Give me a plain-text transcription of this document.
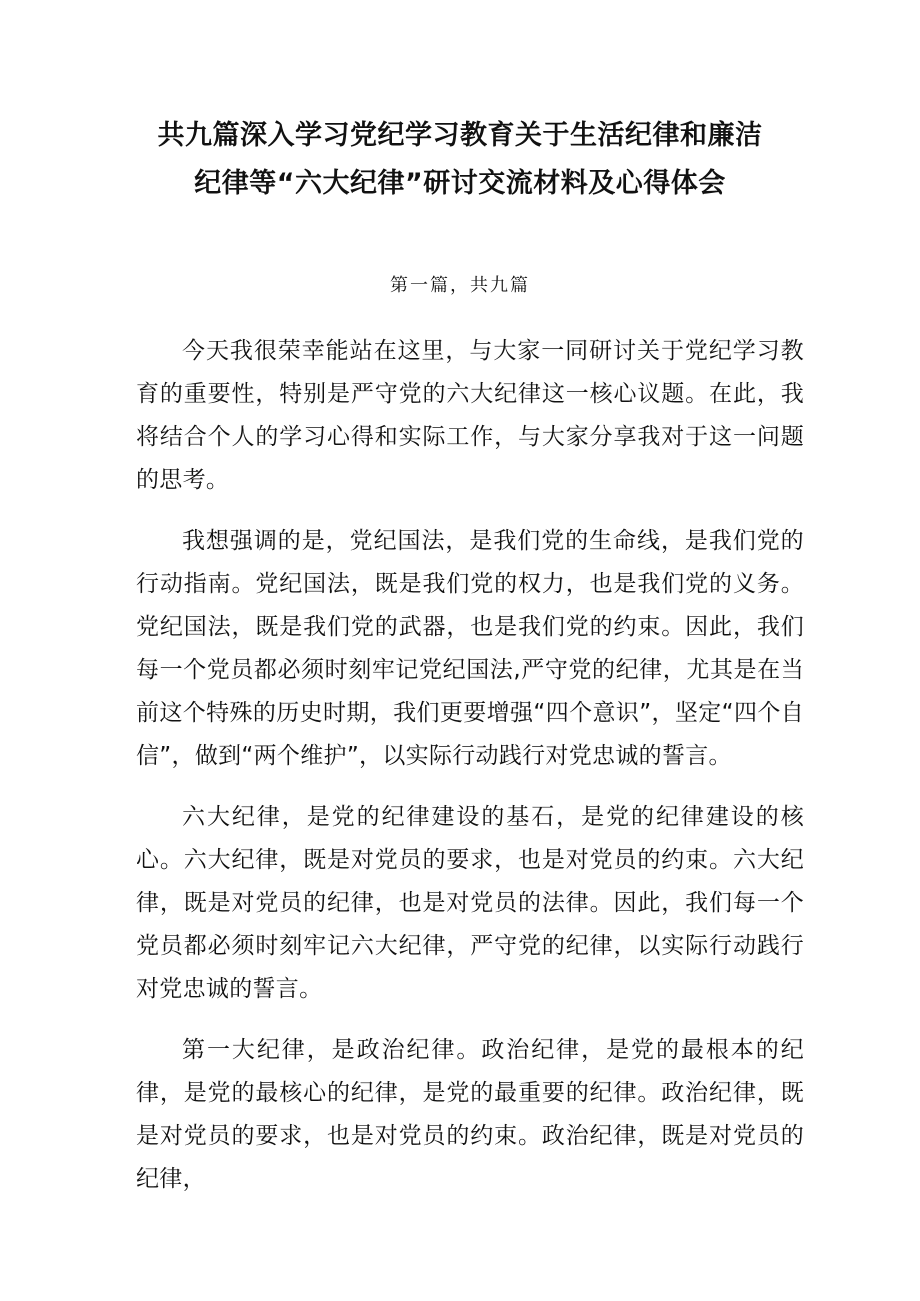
共九篇深入学习党纪学习教育关于生活纪律和廉洁
纪律等“六大纪律”研讨交流材料及心得体会
第一篇，共九篇

今天我很荣幸能站在这里，与大家一同研讨关于党纪学习教育的重要性，特别是严守党的六大纪律这一核心议题。在此，我将结合个人的学习心得和实际工作，与大家分享我对于这一问题的思考。

我想强调的是，党纪国法，是我们党的生命线，是我们党的行动指南。党纪国法，既是我们党的权力，也是我们党的义务。党纪国法，既是我们党的武器，也是我们党的约束。因此，我们每一个党员都必须时刻牢记党纪国法,严守党的纪律，尤其是在当前这个特殊的历史时期，我们更要增强“四个意识”，坚定“四个自信”，做到“两个维护”，以实际行动践行对党忠诚的誓言。

六大纪律，是党的纪律建设的基石，是党的纪律建设的核心。六大纪律，既是对党员的要求，也是对党员的约束。六大纪律，既是对党员的纪律，也是对党员的法律。因此，我们每一个党员都必须时刻牢记六大纪律，严守党的纪律，以实际行动践行对党忠诚的誓言。

第一大纪律，是政治纪律。政治纪律，是党的最根本的纪律，是党的最核心的纪律，是党的最重要的纪律。政治纪律，既是对党员的要求，也是对党员的约束。政治纪律，既是对党员的纪律，
